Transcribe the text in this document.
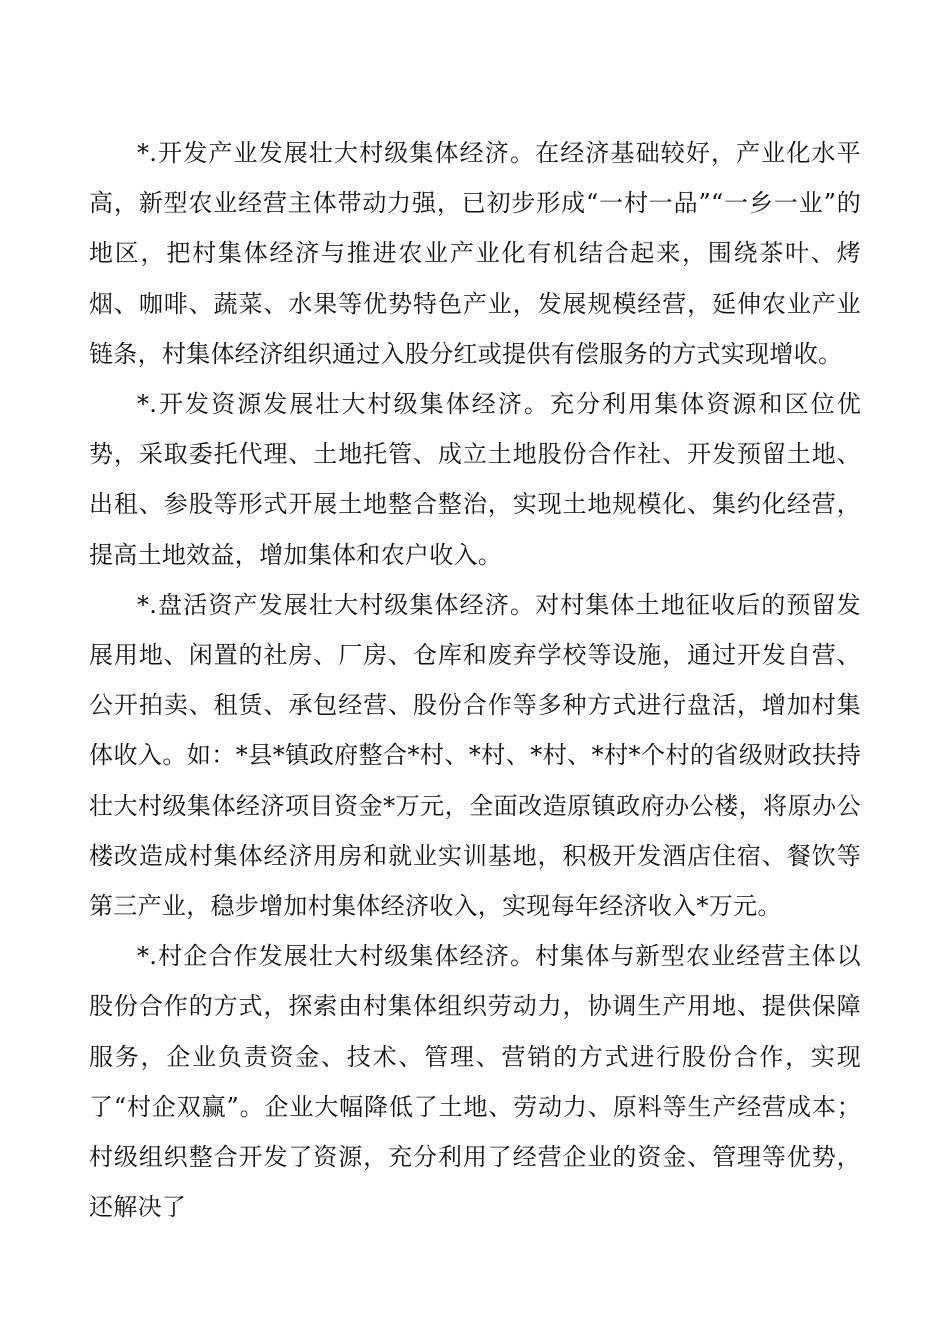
*.开发产业发展壮大村级集体经济。在经济基础较好，产业化水平高，新型农业经营主体带动力强，已初步形成“一村一品”“一乡一业”的地区，把村集体经济与推进农业产业化有机结合起来，围绕茶叶、烤烟、咖啡、蔬菜、水果等优势特色产业，发展规模经营，延伸农业产业链条，村集体经济组织通过入股分红或提供有偿服务的方式实现增收。

*.开发资源发展壮大村级集体经济。充分利用集体资源和区位优势，采取委托代理、土地托管、成立土地股份合作社、开发预留土地、出租、参股等形式开展土地整合整治，实现土地规模化、集约化经营，提高土地效益，增加集体和农户收入。

*.盘活资产发展壮大村级集体经济。对村集体土地征收后的预留发展用地、闲置的社房、厂房、仓库和废弃学校等设施，通过开发自营、公开拍卖、租赁、承包经营、股份合作等多种方式进行盘活，增加村集体收入。如：*县*镇政府整合*村、*村、*村、*村*个村的省级财政扶持壮大村级集体经济项目资金*万元，全面改造原镇政府办公楼，将原办公楼改造成村集体经济用房和就业实训基地，积极开发酒店住宿、餐饮等第三产业，稳步增加村集体经济收入，实现每年经济收入*万元。

*.村企合作发展壮大村级集体经济。村集体与新型农业经营主体以股份合作的方式，探索由村集体组织劳动力，协调生产用地、提供保障服务，企业负责资金、技术、管理、营销的方式进行股份合作，实现了“村企双赢”。企业大幅降低了土地、劳动力、原料等生产经营成本；村级组织整合开发了资源，充分利用了经营企业的资金、管理等优势，还解决了
